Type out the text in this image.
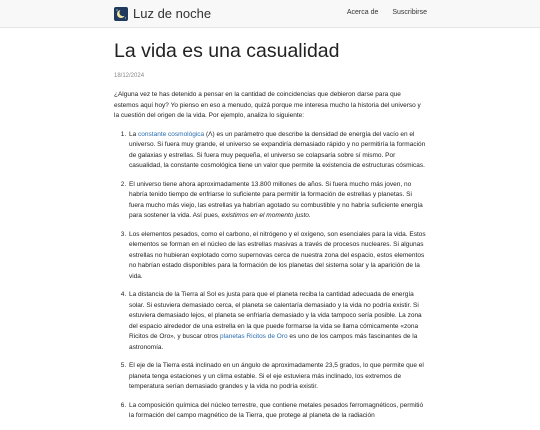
Luz de noche	Acerca de Suscribirse
La vida es una casualidad
18/12/2024

¿Alguna vez te has detenido a pensar en la cantidad de coincidencias que debieron darse para que estemos aquí hoy? Yo pienso en eso a menudo, quizá porque me interesa mucho la historia del universo y la cuestión del origen de la vida. Por ejemplo, analiza lo siguiente:

1. La constante cosmológica (Λ) es un parámetro que describe la densidad de energía del vacío en el universo. Si fuera muy grande, el universo se expandiría demasiado rápido y no permitiría la formación de galaxias y estrellas. Si fuera muy pequeña, el universo se colapsaría sobre sí mismo. Por casualidad, la constante cosmológica tiene un valor que permite la existencia de estructuras cósmicas.
2. El universo tiene ahora aproximadamente 13.800 millones de años. Si fuera mucho más joven, no habría tenido tiempo de enfriarse lo suficiente para permitir la formación de estrellas y planetas. Si fuera mucho más viejo, las estrellas ya habrían agotado su combustible y no habría suficiente energía para sostener la vida. Así pues, existimos en el momento justo.
3. Los elementos pesados, como el carbono, el nitrógeno y el oxígeno, son esenciales para la vida. Estos elementos se forman en el núcleo de las estrellas masivas a través de procesos nucleares. Si algunas estrellas no hubieran explotado como supernovas cerca de nuestra zona del espacio, estos elementos no habrían estado disponibles para la formación de los planetas del sistema solar y la aparición de la vida.
4. La distancia de la Tierra al Sol es justa para que el planeta reciba la cantidad adecuada de energía solar. Si estuviera demasiado cerca, el planeta se calentaría demasiado y la vida no podría existir. Si estuviera demasiado lejos, el planeta se enfriaría demasiado y la vida tampoco sería posible. La zona del espacio alrededor de una estrella en la que puede formarse la vida se llama cómicamente «zona Ricitos de Oro», y buscar otros planetas Ricitos de Oro es uno de los campos más fascinantes de la astronomía.
5. El eje de la Tierra está inclinado en un ángulo de aproximadamente 23,5 grados, lo que permite que el planeta tenga estaciones y un clima estable. Si el eje estuviera más inclinado, los extremos de temperatura serían demasiado grandes y la vida no podría existir.
6. La composición química del núcleo terrestre, que contiene metales pesados ferromagnéticos, permitió la formación del campo magnético de la Tierra, que protege al planeta de la radiación
